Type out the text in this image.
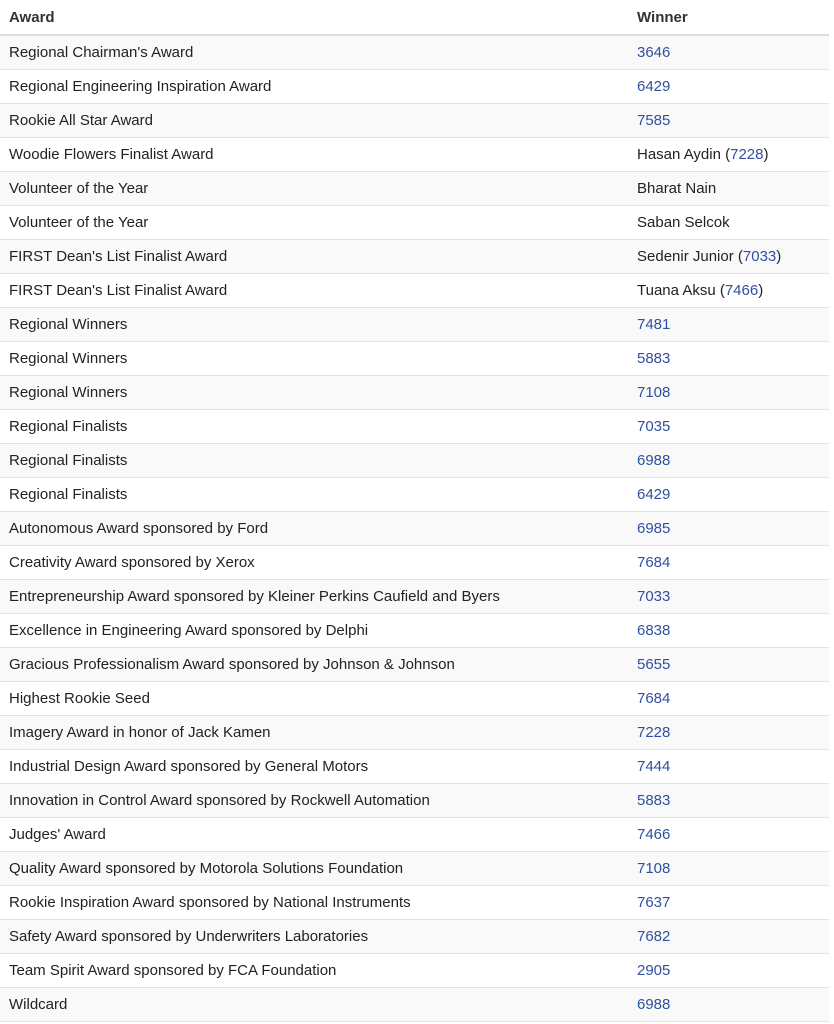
Award	Winner
Regional Chairman's Award	3646
Regional Engineering Inspiration Award	6429
Rookie All Star Award	7585
Woodie Flowers Finalist Award	Hasan Aydin (7228)
Volunteer of the Year	Bharat Nain
Volunteer of the Year	Saban Selcok
FIRST Dean's List Finalist Award	Sedenir Junior (7033)
FIRST Dean's List Finalist Award	Tuana Aksu (7466)
Regional Winners	7481
Regional Winners	5883
Regional Winners	7108
Regional Finalists	7035
Regional Finalists	6988
Regional Finalists	6429
Autonomous Award sponsored by Ford	6985
Creativity Award sponsored by Xerox	7684
Entrepreneurship Award sponsored by Kleiner Perkins Caufield and Byers	7033
Excellence in Engineering Award sponsored by Delphi	6838
Gracious Professionalism Award sponsored by Johnson & Johnson	5655
Highest Rookie Seed	7684
Imagery Award in honor of Jack Kamen	7228
Industrial Design Award sponsored by General Motors	7444
Innovation in Control Award sponsored by Rockwell Automation	5883
Judges' Award	7466
Quality Award sponsored by Motorola Solutions Foundation	7108
Rookie Inspiration Award sponsored by National Instruments	7637
Safety Award sponsored by Underwriters Laboratories	7682
Team Spirit Award sponsored by FCA Foundation	2905
Wildcard	6988
